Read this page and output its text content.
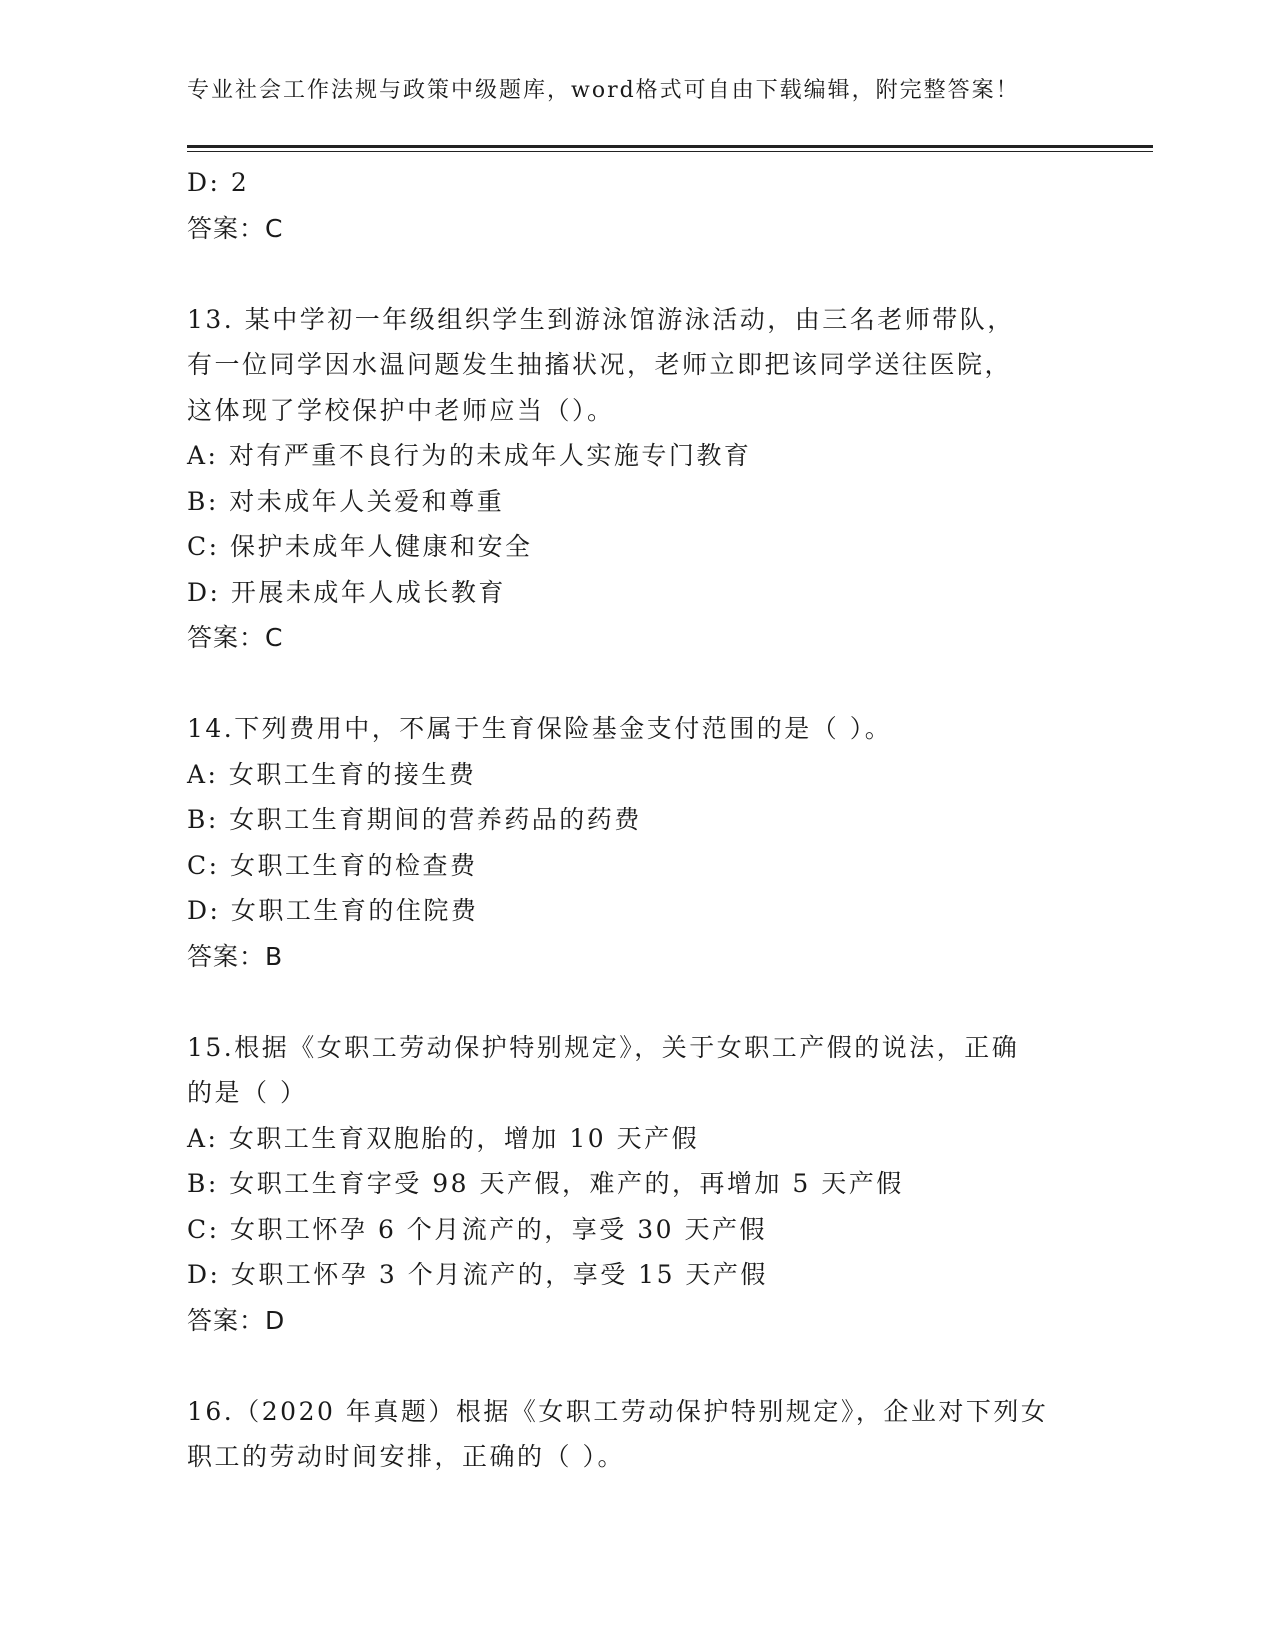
专业社会工作法规与政策中级题库，word格式可自由下载编辑，附完整答案！
D: 2
答案：C
13. 某中学初一年级组织学生到游泳馆游泳活动，由三名老师带队，
有一位同学因水温问题发生抽搐状况，老师立即把该同学送往医院，
这体现了学校保护中老师应当（）。
A: 对有严重不良行为的未成年人实施专门教育
B: 对未成年人关爱和尊重
C: 保护未成年人健康和安全
D: 开展未成年人成长教育
答案：C
14.下列费用中，不属于生育保险基金支付范围的是（ ）。
A: 女职工生育的接生费
B: 女职工生育期间的营养药品的药费
C: 女职工生育的检查费
D: 女职工生育的住院费
答案：B
15.根据《女职工劳动保护特别规定》，关于女职工产假的说法，正确
的是（ ）
A: 女职工生育双胞胎的，增加 10 天产假
B: 女职工生育字受 98 天产假，难产的，再增加 5 天产假
C: 女职工怀孕 6 个月流产的，享受 30 天产假
D: 女职工怀孕 3 个月流产的，享受 15 天产假
答案：D
16.（2020 年真题）根据《女职工劳动保护特别规定》，企业对下列女
职工的劳动时间安排，正确的（ ）。
